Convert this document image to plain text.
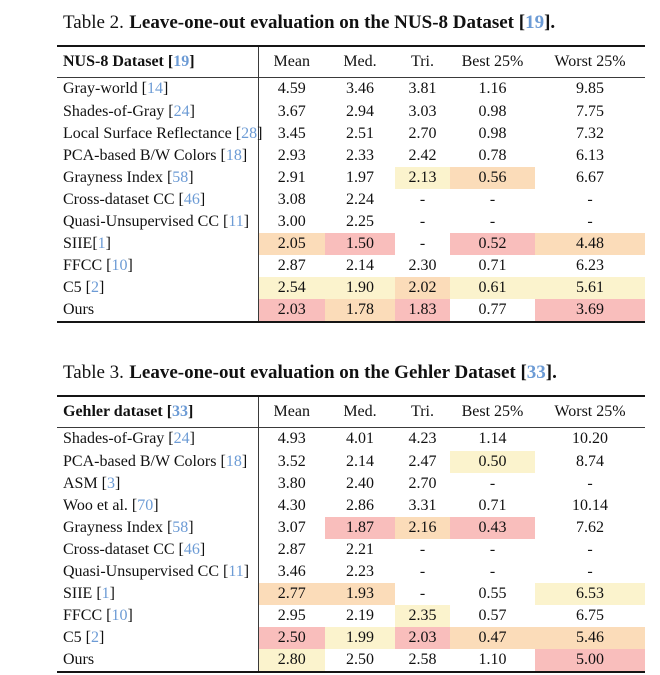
Table 2. Leave-one-out evaluation on the NUS-8 Dataset [19].

NUS-8 Dataset [19]	Mean	Med.	Tri.	Best 25%	Worst 25%
Gray-world [14]	4.59	3.46	3.81	1.16	9.85
Shades-of-Gray [24]	3.67	2.94	3.03	0.98	7.75
Local Surface Reflectance [28]	3.45	2.51	2.70	0.98	7.32
PCA-based B/W Colors [18]	2.93	2.33	2.42	0.78	6.13
Grayness Index [58]	2.91	1.97	2.13	0.56	6.67
Cross-dataset CC [46]	3.08	2.24	-	-	-
Quasi-Unsupervised CC [11]	3.00	2.25	-	-	-
SIIE[1]	2.05	1.50	-	0.52	4.48
FFCC [10]	2.87	2.14	2.30	0.71	6.23
C5 [2]	2.54	1.90	2.02	0.61	5.61
Ours	2.03	1.78	1.83	0.77	3.69

Table 3. Leave-one-out evaluation on the Gehler Dataset [33].

Gehler dataset [33]	Mean	Med.	Tri.	Best 25%	Worst 25%
Shades-of-Gray [24]	4.93	4.01	4.23	1.14	10.20
PCA-based B/W Colors [18]	3.52	2.14	2.47	0.50	8.74
ASM [3]	3.80	2.40	2.70	-	-
Woo et al. [70]	4.30	2.86	3.31	0.71	10.14
Grayness Index [58]	3.07	1.87	2.16	0.43	7.62
Cross-dataset CC [46]	2.87	2.21	-	-	-
Quasi-Unsupervised CC [11]	3.46	2.23	-	-	-
SIIE [1]	2.77	1.93	-	0.55	6.53
FFCC [10]	2.95	2.19	2.35	0.57	6.75
C5 [2]	2.50	1.99	2.03	0.47	5.46
Ours	2.80	2.50	2.58	1.10	5.00
